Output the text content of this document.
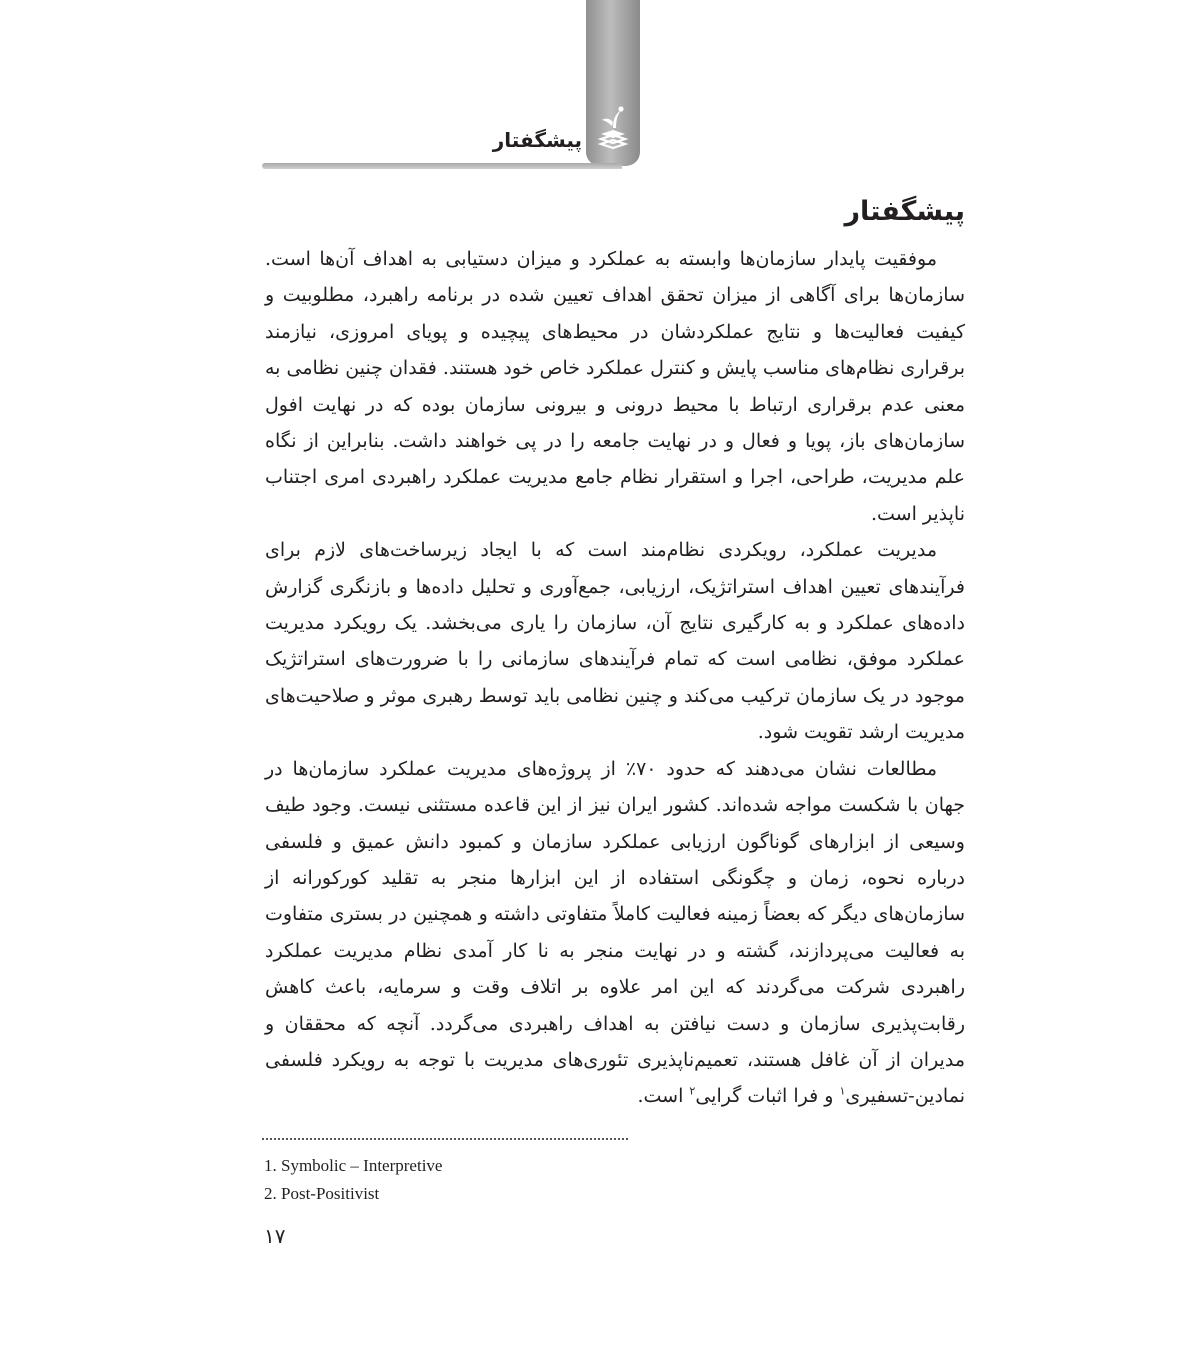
پیشگفتار
پیشگفتار

موفقیت پایدار سازمان‌ها وابسته به عملکرد و میزان دستیابی به اهداف آن‌ها است. سازمان‌ها برای آگاهی از میزان تحقق اهداف تعیین شده در برنامه راهبرد، مطلوبیت و کیفیت فعالیت‌ها و نتایج عملکردشان در محیط‌های پیچیده و پویای امروزی، نیازمند برقراری نظام‌های مناسب پایش و کنترل عملکرد خاص خود هستند. فقدان چنین نظامی به معنی عدم برقراری ارتباط با محیط درونی و بیرونی سازمان بوده که در نهایت افول سازمان‌های باز، پویا و فعال و در نهایت جامعه را در پی خواهند داشت. بنابراین از نگاه علم مدیریت، طراحی، اجرا و استقرار نظام جامع مدیریت عملکرد راهبردی امری اجتناب ناپذیر است.

مدیریت عملکرد، رویکردی نظام‌مند است که با ایجاد زیرساخت‌های لازم برای فرآیندهای تعیین اهداف استراتژیک، ارزیابی، جمع‌آوری و تحلیل داده‌ها و بازنگری گزارش داده‌های عملکرد و به کارگیری نتایج آن، سازمان را یاری می‌بخشد. یک رویکرد مدیریت عملکرد موفق، نظامی است که تمام فرآیندهای سازمانی را با ضرورت‌های استراتژیک موجود در یک سازمان ترکیب می‌کند و چنین نظامی باید توسط رهبری موثر و صلاحیت‌های مدیریت ارشد تقویت شود.

مطالعات نشان می‌دهند که حدود ۷۰٪ از پروژه‌های مدیریت عملکرد سازمان‌ها در جهان با شکست مواجه شده‌اند. کشور ایران نیز از این قاعده مستثنی نیست. وجود طیف وسیعی از ابزارهای گوناگون ارزیابی عملکرد سازمان و کمبود دانش عمیق و فلسفی درباره نحوه، زمان و چگونگی استفاده از این ابزارها منجر به تقلید کورکورانه از سازمان‌های دیگر که بعضاً زمینه فعالیت کاملاً متفاوتی داشته و همچنین در بستری متفاوت به فعالیت می‌پردازند، گشته و در نهایت منجر به نا کار آمدی نظام مدیریت عملکرد راهبردی شرکت می‌گردند که این امر علاوه بر اتلاف وقت و سرمایه، باعث کاهش رقابت‌پذیری سازمان و دست نیافتن به اهداف راهبردی می‌گردد. آنچه که محققان و مدیران از آن غافل هستند، تعمیم‌ناپذیری تئوری‌های مدیریت با توجه به رویکرد فلسفی نمادین-تسفیری$^۱$ و فرا اثبات گرایی$^۲$ است.

1. Symbolic – Interpretive

2. Post-Positivist

۱۷
